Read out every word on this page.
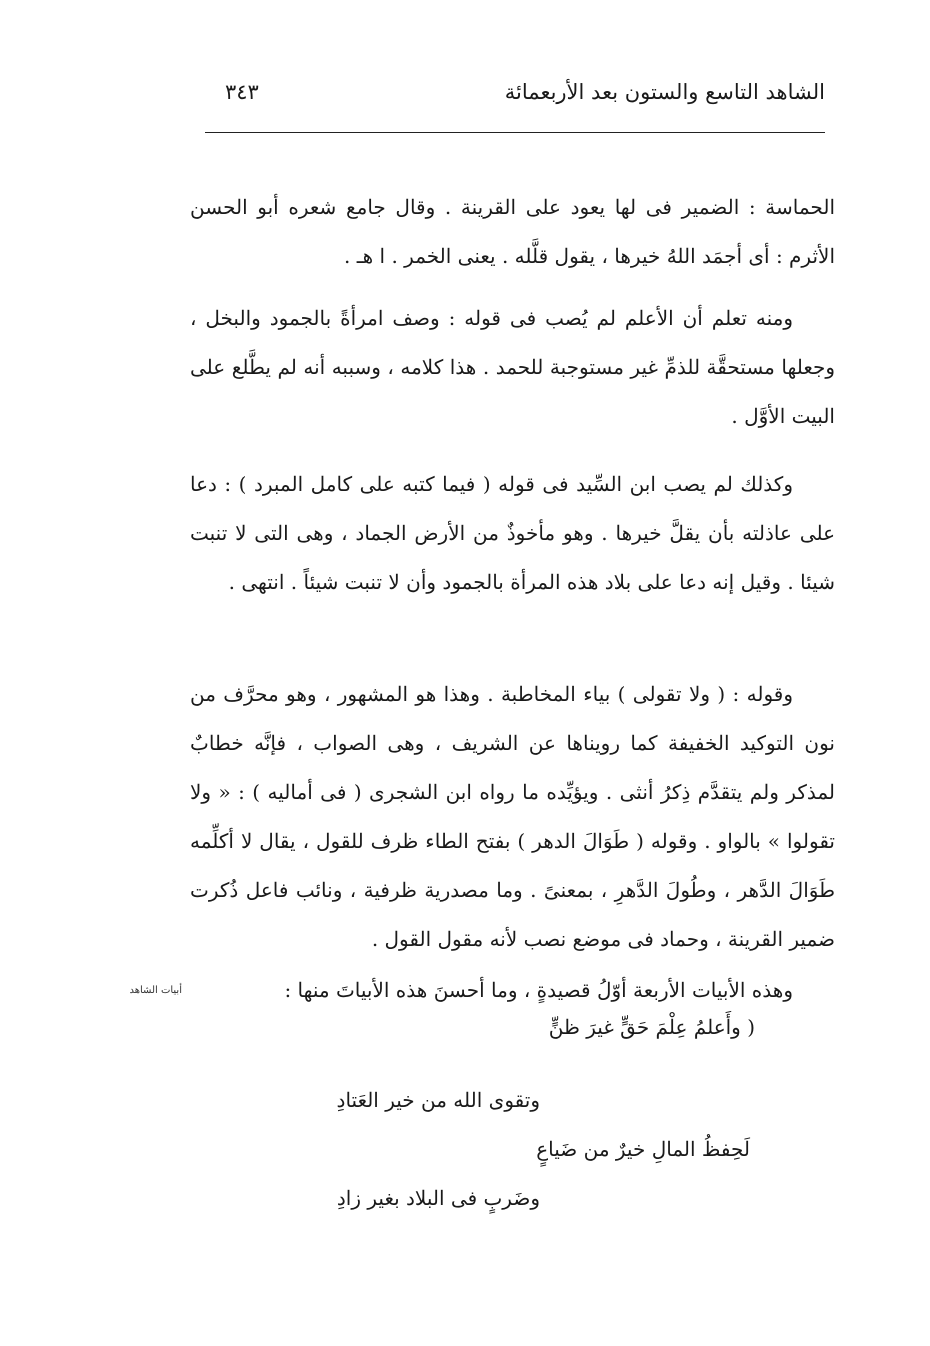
الشاهد التاسع والستون بعد الأربعمائة
٣٤٣

الحماسة : الضمير فى لها يعود على القرينة . وقال جامع شعره أبو الحسن الأثرم : أى أجمَد اللهُ خيرها ، يقول قلَّله . يعنى الخمر . ا هـ .

ومنه تعلم أن الأعلم لم يُصب فى قوله : وصف امرأةً بالجمود والبخل ، وجعلها مستحقَّة للذمِّ غير مستوجبة للحمد . هذا كلامه ، وسببه أنه لم يطَّلع على البيت الأوَّل .

وكذلك لم يصب ابن السِّيد فى قوله ( فيما كتبه على كامل المبرد ) : دعا على عاذلته بأن يقلَّ خيرها . وهو مأخوذٌ من الأرض الجماد ، وهى التى لا تنبت شيئا . وقيل إنه دعا على بلاد هذه المرأة بالجمود وأن لا تنبت شيئاً . انتهى .

وقوله : ( ولا تقولى ) بياء المخاطبة . وهذا هو المشهور ، وهو محرَّف من نون التوكيد الخفيفة كما رويناها عن الشريف ، وهى الصواب ، فإنَّه خطابٌ لمذكر ولم يتقدَّم ذِكرُ أنثى . ويؤيِّده ما رواه ابن الشجرى ( فى أماليه ) : « ولا تقولوا » بالواو . وقوله ( طَوَالَ الدهر ) بفتح الطاء ظرف للقول ، يقال لا أكلِّمه طَوَالَ الدَّهر ، وطُولَ الدَّهرِ ، بمعنىً . وما مصدرية ظرفية ، ونائب فاعل ذُكرت ضمير القرينة ، وحماد فى موضع نصب لأنه مقول القول .

وهذه الأبيات الأربعة أوّلُ قصيدةٍ ، وما أحسنَ هذه الأبياتَ منها :

أبيات الشاهد
( وأَعلمُ عِلْمَ حَقٍّ غيرَ ظنٍّ
وتقوى الله من خير العَتادِ
لَحِفظُ المالِ خيرٌ من ضَياعٍ
وضَربٍ فى البلاد بغير زادِ
